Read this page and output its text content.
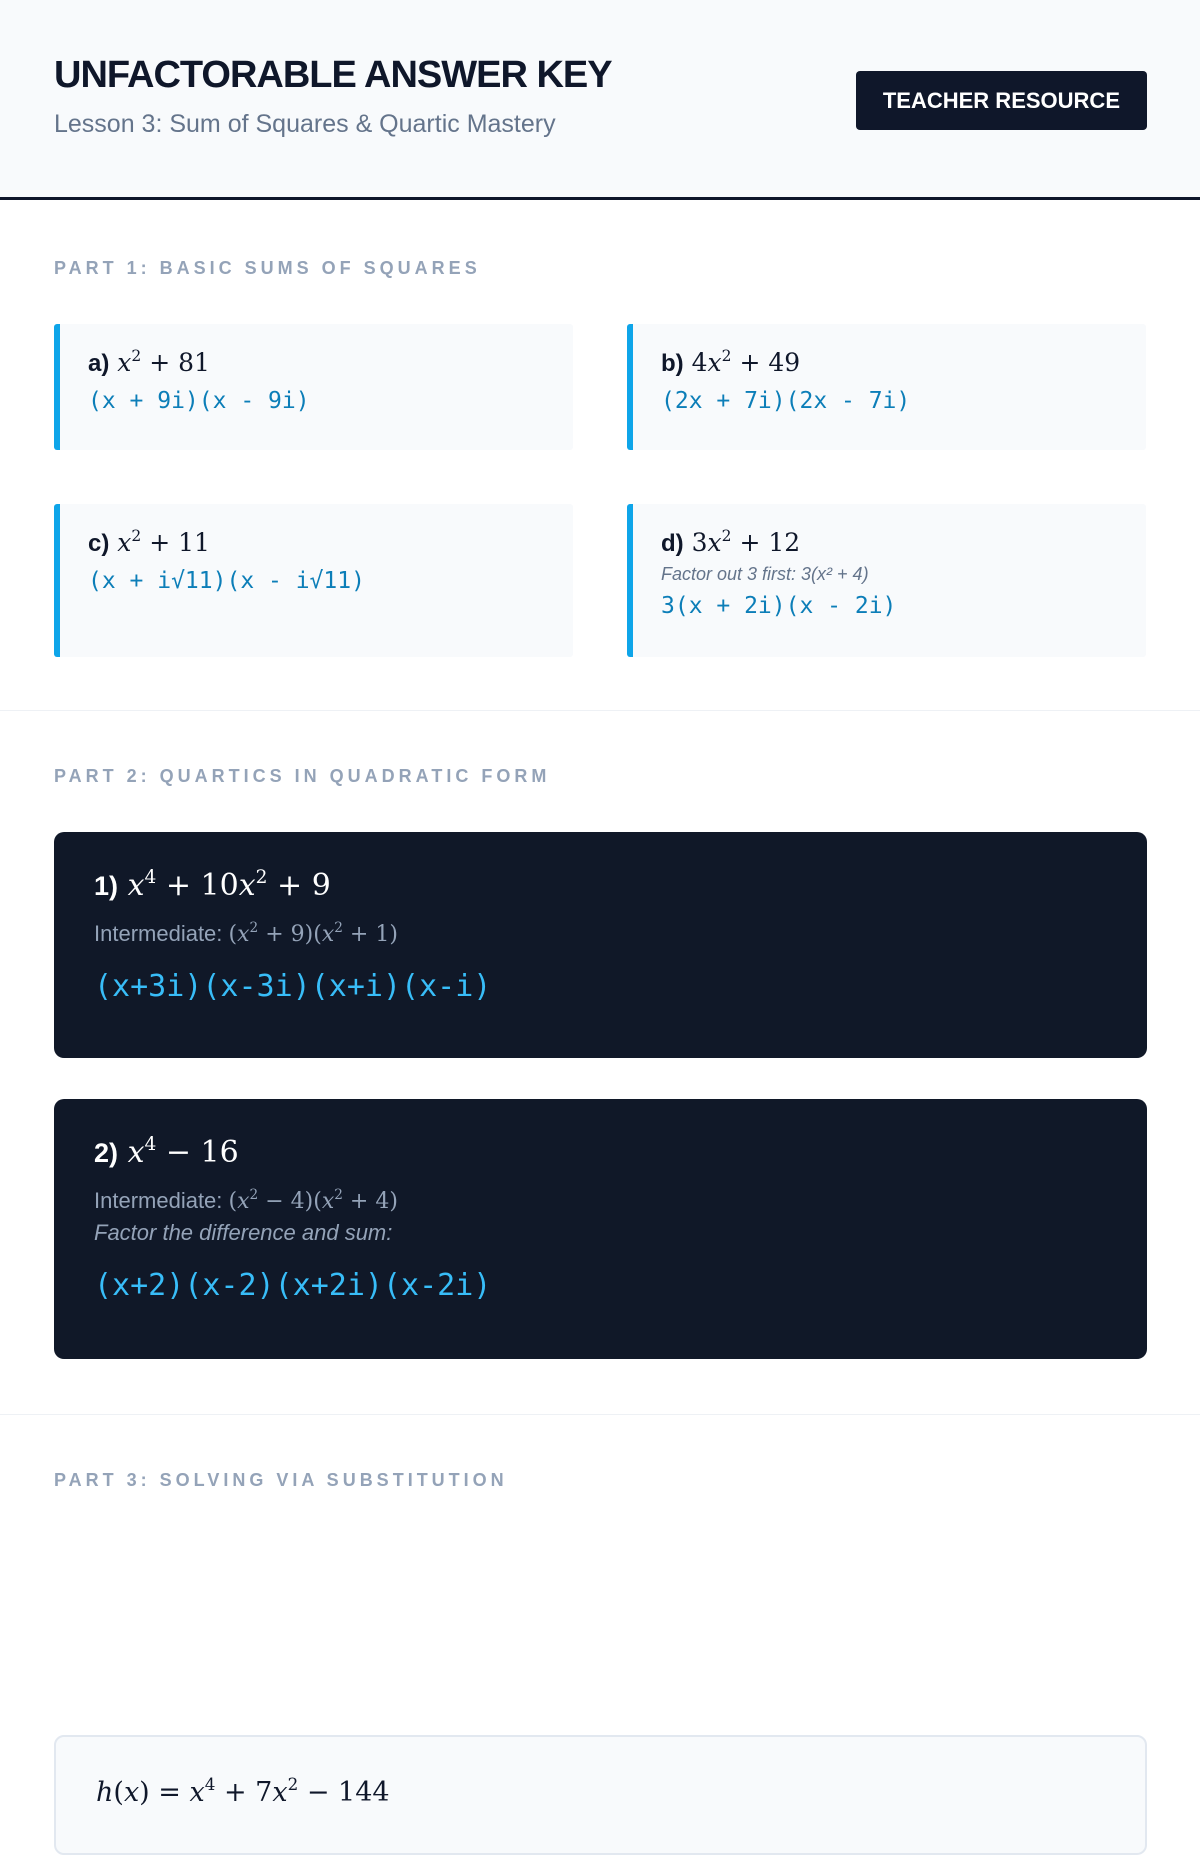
UNFACTORABLE ANSWER KEY
Lesson 3: Sum of Squares & Quartic Mastery
TEACHER RESOURCE
PART 1: BASIC SUMS OF SQUARES
a) $x^2 + 81$
(x + 9i)(x - 9i)
b) $4x^2 + 49$
(2x + 7i)(2x - 7i)
c) $x^2 + 11$
(x + i√11)(x - i√11)
d) $3x^2 + 12$
Factor out 3 first: 3(x² + 4)
3(x + 2i)(x - 2i)
PART 2: QUARTICS IN QUADRATIC FORM
1) $x^4 + 10x^2 + 9$
Intermediate: $(x^2 + 9)(x^2 + 1)$
(x+3i)(x-3i)(x+i)(x-i)
2) $x^4 - 16$
Intermediate: $(x^2 - 4)(x^2 + 4)$
Factor the difference and sum:
(x+2)(x-2)(x+2i)(x-2i)
PART 3: SOLVING VIA SUBSTITUTION
$h(x) = x^4 + 7x^2 - 144$
